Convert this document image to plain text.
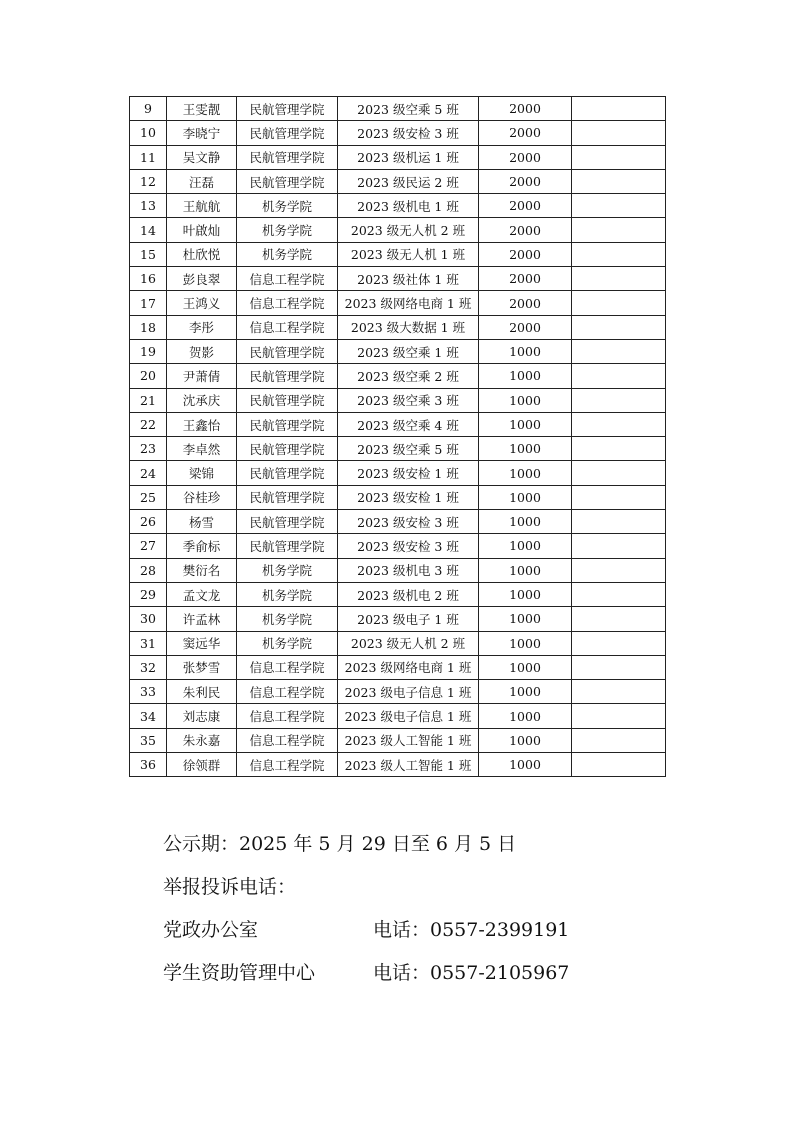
9	王雯靓	民航管理学院	2023 级空乘 5 班	2000	
10	李晓宁	民航管理学院	2023 级安检 3 班	2000	
11	吴文静	民航管理学院	2023 级机运 1 班	2000	
12	汪磊	民航管理学院	2023 级民运 2 班	2000	
13	王航航	机务学院	2023 级机电 1 班	2000	
14	叶啟灿	机务学院	2023 级无人机 2 班	2000	
15	杜欣悦	机务学院	2023 级无人机 1 班	2000	
16	彭良翠	信息工程学院	2023 级社体 1 班	2000	
17	王鸿义	信息工程学院	2023 级网络电商 1 班	2000	
18	李彤	信息工程学院	2023 级大数据 1 班	2000	
19	贺影	民航管理学院	2023 级空乘 1 班	1000	
20	尹萧倩	民航管理学院	2023 级空乘 2 班	1000	
21	沈承庆	民航管理学院	2023 级空乘 3 班	1000	
22	王鑫怡	民航管理学院	2023 级空乘 4 班	1000	
23	李卓然	民航管理学院	2023 级空乘 5 班	1000	
24	梁锦	民航管理学院	2023 级安检 1 班	1000	
25	谷桂珍	民航管理学院	2023 级安检 1 班	1000	
26	杨雪	民航管理学院	2023 级安检 3 班	1000	
27	季俞标	民航管理学院	2023 级安检 3 班	1000	
28	樊衍名	机务学院	2023 级机电 3 班	1000	
29	孟文龙	机务学院	2023 级机电 2 班	1000	
30	许孟林	机务学院	2023 级电子 1 班	1000	
31	窦远华	机务学院	2023 级无人机 2 班	1000	
32	张梦雪	信息工程学院	2023 级网络电商 1 班	1000	
33	朱利民	信息工程学院	2023 级电子信息 1 班	1000	
34	刘志康	信息工程学院	2023 级电子信息 1 班	1000	
35	朱永嘉	信息工程学院	2023 级人工智能 1 班	1000	
36	徐领群	信息工程学院	2023 级人工智能 1 班	1000	
公示期：2025 年 5 月 29 日至 6 月 5 日
举报投诉电话：
党政办公室	电话：0557-2399191
学生资助管理中心	电话：0557-2105967
